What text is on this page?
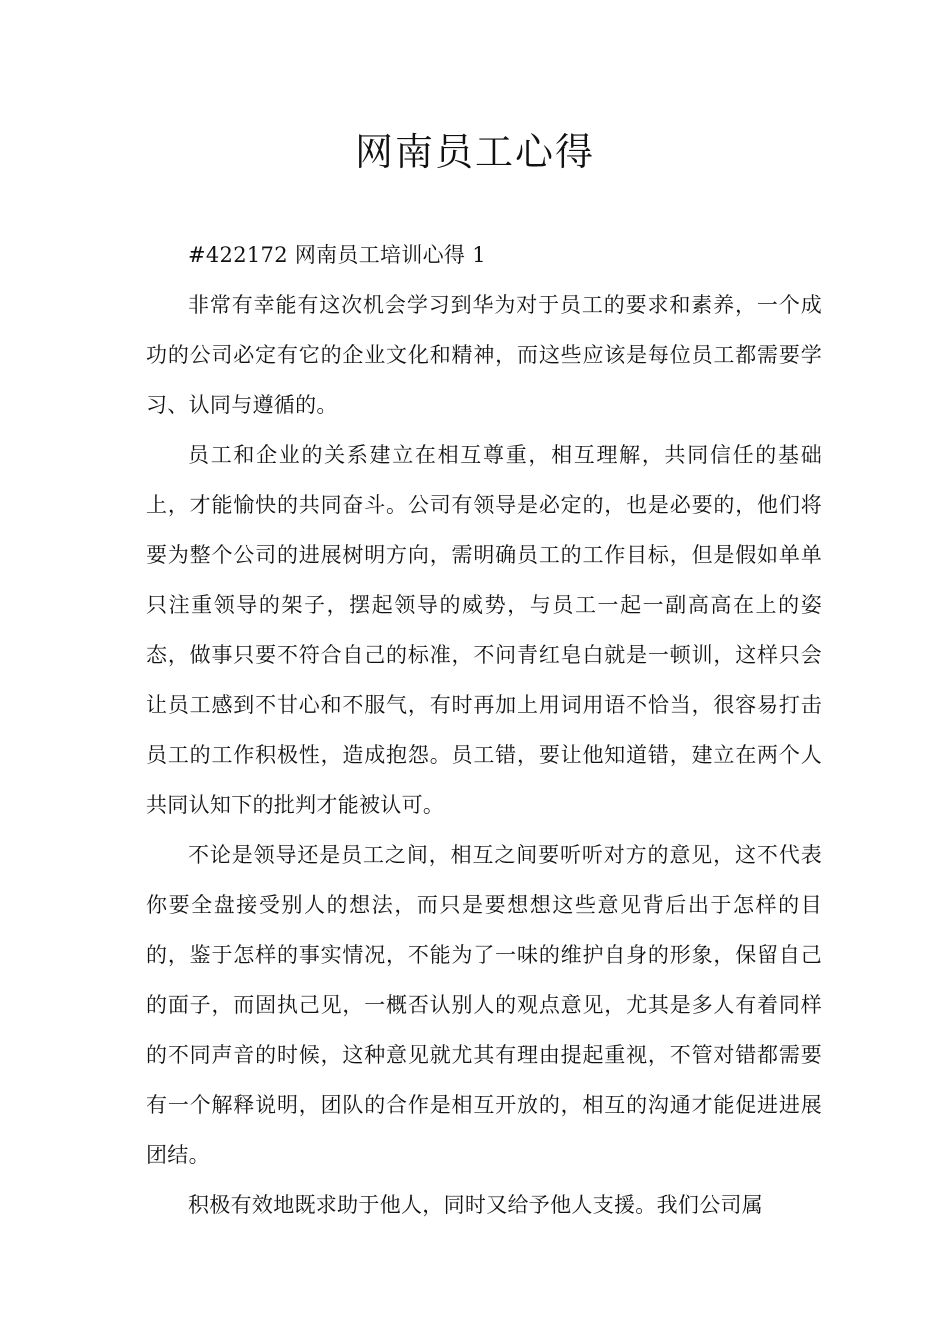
网南员工心得

#422172 网南员工培训心得 1

非常有幸能有这次机会学习到华为对于员工的要求和素养，一个成功的公司必定有它的企业文化和精神，而这些应该是每位员工都需要学习、认同与遵循的。

员工和企业的关系建立在相互尊重，相互理解，共同信任的基础上，才能愉快的共同奋斗。公司有领导是必定的，也是必要的，他们将要为整个公司的进展树明方向，需明确员工的工作目标，但是假如单单只注重领导的架子，摆起领导的威势，与员工一起一副高高在上的姿态，做事只要不符合自己的标准，不问青红皂白就是一顿训，这样只会让员工感到不甘心和不服气，有时再加上用词用语不恰当，很容易打击员工的工作积极性，造成抱怨。员工错，要让他知道错，建立在两个人共同认知下的批判才能被认可。

不论是领导还是员工之间，相互之间要听听对方的意见，这不代表你要全盘接受别人的想法，而只是要想想这些意见背后出于怎样的目的，鉴于怎样的事实情况，不能为了一味的维护自身的形象，保留自己的面子，而固执己见，一概否认别人的观点意见，尤其是多人有着同样的不同声音的时候，这种意见就尤其有理由提起重视，不管对错都需要有一个解释说明，团队的合作是相互开放的，相互的沟通才能促进进展团结。

积极有效地既求助于他人，同时又给予他人支援。我们公司属
